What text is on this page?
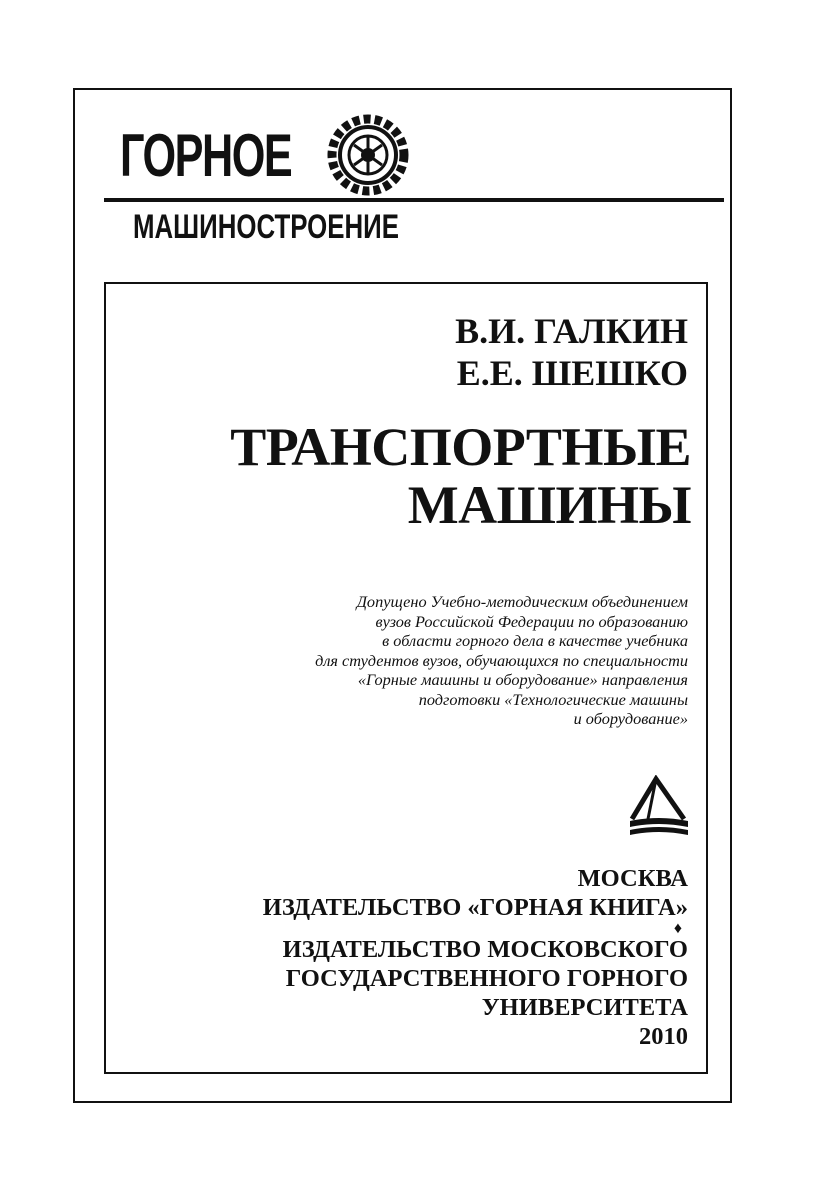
ГОРНОЕ
МАШИНОСТРОЕНИЕ
В.И. ГАЛКИН
Е.Е. ШЕШКО
ТРАНСПОРТНЫЕ
МАШИНЫ
Допущено Учебно-методическим объединением
вузов Российской Федерации по образованию
в области горного дела в качестве учебника
для студентов вузов, обучающихся по специальности
«Горные машины и оборудование» направления
подготовки «Технологические машины
и оборудование»
МОСКВА
ИЗДАТЕЛЬСТВО «ГОРНАЯ КНИГА»
♦
ИЗДАТЕЛЬСТВО МОСКОВСКОГО
ГОСУДАРСТВЕННОГО ГОРНОГО
УНИВЕРСИТЕТА
2010
